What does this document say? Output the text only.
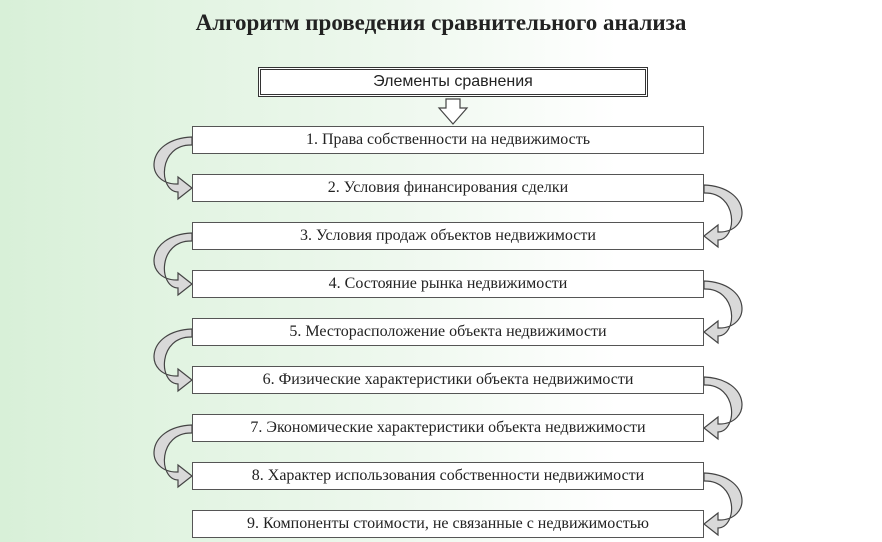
Алгоритм проведения сравнительного анализа
Элементы сравнения
1. Права собственности на недвижимость
2. Условия финансирования сделки
3. Условия продаж объектов недвижимости
4. Состояние рынка недвижимости
5. Месторасположение объекта недвижимости
6. Физические характеристики объекта недвижимости
7. Экономические характеристики объекта недвижимости
8. Характер использования собственности недвижимости
9. Компоненты стоимости, не связанные с недвижимостью
